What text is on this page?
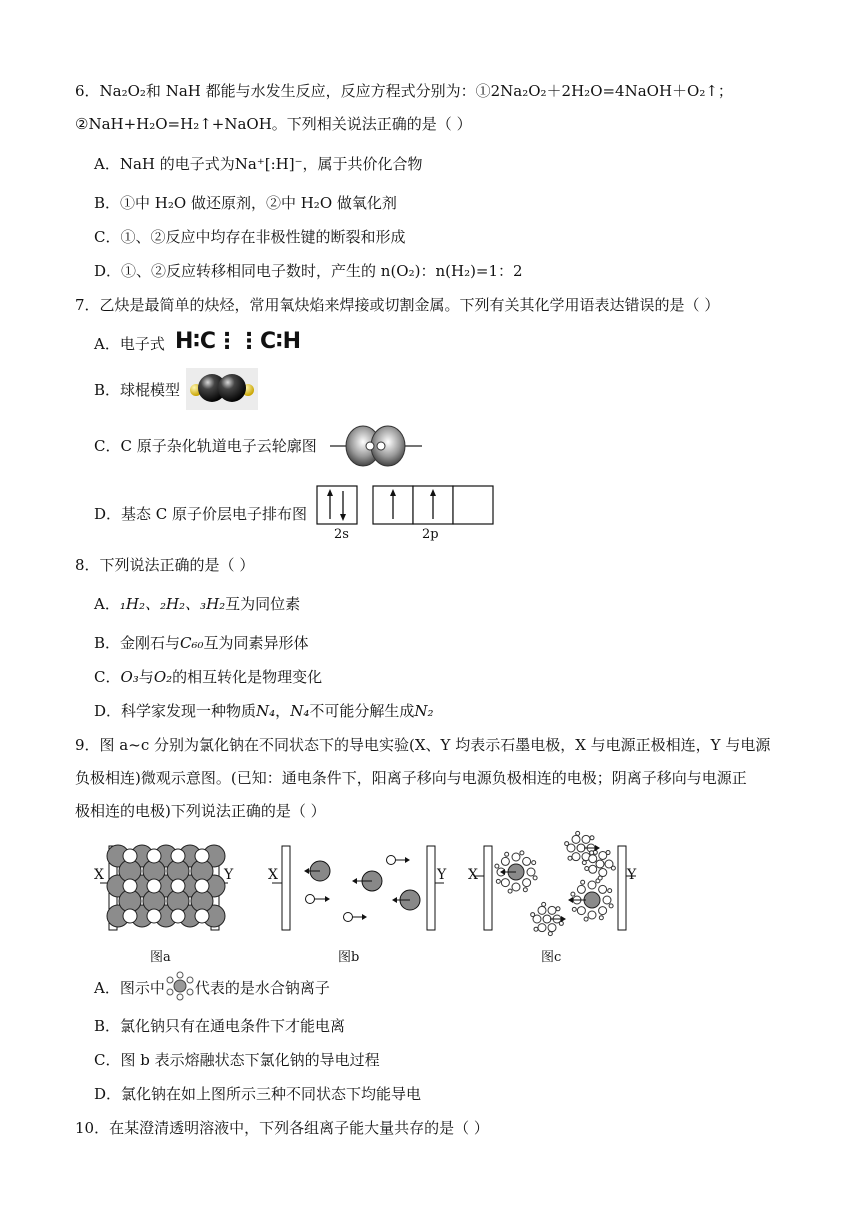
6．Na₂O₂和 NaH 都能与水发生反应，反应方程式分别为：①2Na₂O₂＋2H₂O=4NaOH＋O₂↑；
②NaH+H₂O=H₂↑+NaOH。下列相关说法正确的是（ ）
A．NaH 的电子式为Na⁺[:H]⁻，属于共价化合物
B．①中 H₂O 做还原剂，②中 H₂O 做氧化剂
C．①、②反应中均存在非极性键的断裂和形成
D．①、②反应转移相同电子数时，产生的 n(O₂)：n(H₂)=1：2
7．乙炔是最简单的炔烃，常用氧炔焰来焊接或切割金属。下列有关其化学用语表达错误的是（ ）
A．电子式 H∶C⋮⋮C∶H
B．球棍模型
C．C 原子杂化轨道电子云轮廓图
D．基态 C 原子价层电子排布图
2s	2p
8．下列说法正确的是（ ）
A．₁H₂、₂H₂、₃H₂互为同位素
B．金刚石与C₆₀互为同素异形体
C．O₃与O₂的相互转化是物理变化
D．科学家发现一种物质N₄，N₄不可能分解生成N₂
9．图 a~c 分别为氯化钠在不同状态下的导电实验(X、Y 均表示石墨电极，X 与电源正极相连，Y 与电源
负极相连)微观示意图。(已知：通电条件下，阳离子移向与电源负极相连的电极；阴离子移向与电源正
极相连的电极)下列说法正确的是（ ）
X	Y
图a
X	Y
图b
X	Y
图c
A．图示中 代表的是水合钠离子
B．氯化钠只有在通电条件下才能电离
C．图 b 表示熔融状态下氯化钠的导电过程
D．氯化钠在如上图所示三种不同状态下均能导电
10．在某澄清透明溶液中，下列各组离子能大量共存的是（ ）
